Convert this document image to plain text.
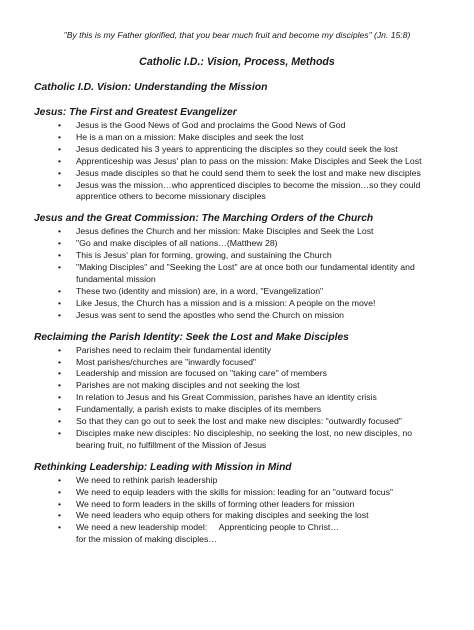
"By this is my Father glorified, that you bear much fruit and become my disciples" (Jn. 15:8)

Catholic I.D.: Vision, Process, Methods

Catholic I.D. Vision: Understanding the Mission

Jesus: The First and Greatest Evangelizer

• Jesus is the Good News of God and proclaims the Good News of God
• He is a man on a mission: Make disciples and seek the lost
• Jesus dedicated his 3 years to apprenticing the disciples so they could seek the lost
• Apprenticeship was Jesus' plan to pass on the mission: Make Disciples and Seek the Lost
• Jesus made disciples so that he could send them to seek the lost and make new disciples
• Jesus was the mission…who apprenticed disciples to become the mission…so they could apprentice others to become missionary disciples

Jesus and the Great Commission: The Marching Orders of the Church

• Jesus defines the Church and her mission: Make Disciples and Seek the Lost
• "Go and make disciples of all nations…(Matthew 28)
• This is Jesus' plan for forming, growing, and sustaining the Church
• "Making Disciples" and "Seeking the Lost" are at once both our fundamental identity and fundamental mission
• These two (identity and mission) are, in a word, "Evangelization"
• Like Jesus, the Church has a mission and is a mission: A people on the move!
• Jesus was sent to send the apostles who send the Church on mission

Reclaiming the Parish Identity: Seek the Lost and Make Disciples

• Parishes need to reclaim their fundamental identity
• Most parishes/churches are "inwardly focused"
• Leadership and mission are focused on "taking care" of members
• Parishes are not making disciples and not seeking the lost
• In relation to Jesus and his Great Commission, parishes have an identity crisis
• Fundamentally, a parish exists to make disciples of its members
• So that they can go out to seek the lost and make new disciples: "outwardly focused"
• Disciples make new disciples: No discipleship, no seeking the lost, no new disciples, no bearing fruit, no fulfillment of the Mission of Jesus

Rethinking Leadership: Leading with Mission in Mind

• We need to rethink parish leadership
• We need to equip leaders with the skills for mission: leading for an "outward focus"
• We need to form leaders in the skills of forming other leaders for mission
• We need leaders who equip others for making disciples and seeking the lost
• We need a new leadership model:     Apprenticing people to Christ…
for the mission of making disciples…
